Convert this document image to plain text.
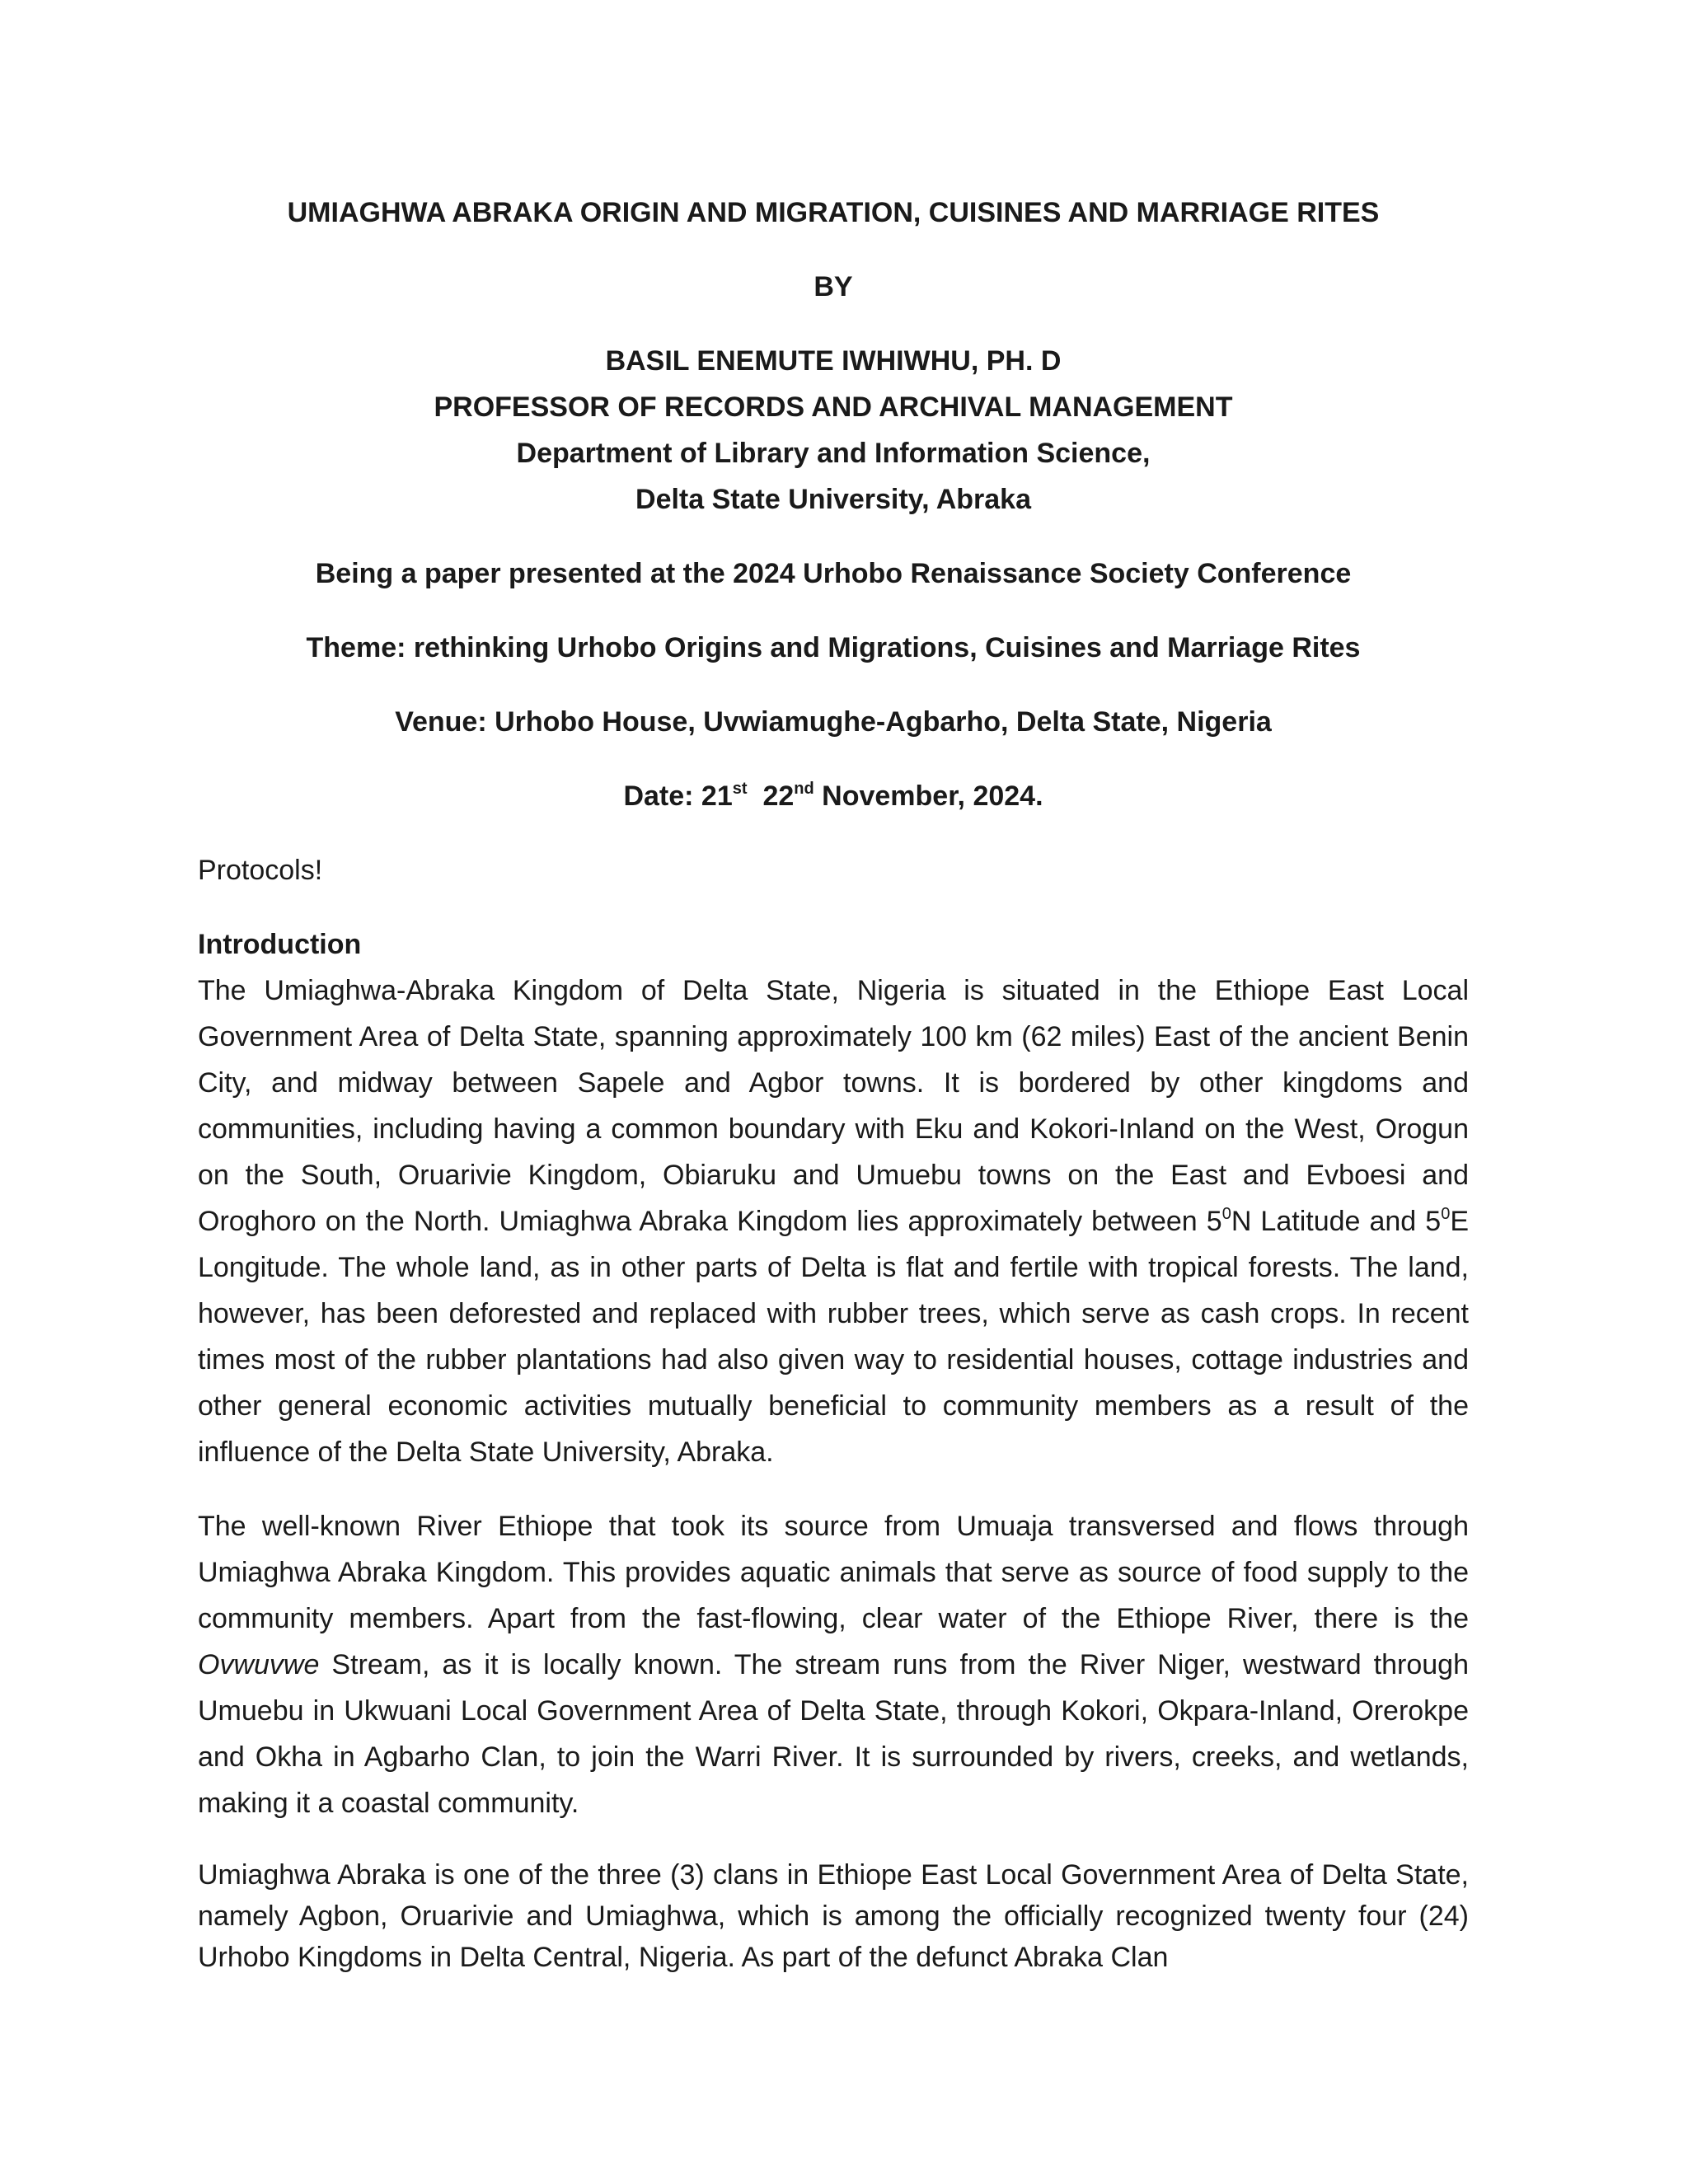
UMIAGHWA ABRAKA ORIGIN AND MIGRATION, CUISINES AND MARRIAGE RITES
BY
BASIL ENEMUTE IWHIWHU, PH. D
PROFESSOR OF RECORDS AND ARCHIVAL MANAGEMENT
Department of Library and Information Science,
Delta State University, Abraka
Being a paper presented at the 2024 Urhobo Renaissance Society Conference
Theme: rethinking Urhobo Origins and Migrations, Cuisines and Marriage Rites
Venue: Urhobo House, Uvwiamughe-Agbarho, Delta State, Nigeria
Date: 21st 22nd November, 2024.
Protocols!
Introduction

The Umiaghwa-Abraka Kingdom of Delta State, Nigeria is situated in the Ethiope East Local Government Area of Delta State, spanning approximately 100 km (62 miles) East of the ancient Benin City, and midway between Sapele and Agbor towns. It is bordered by other kingdoms and communities, including having a common boundary with Eku and Kokori-Inland on the West, Orogun on the South, Oruarivie Kingdom, Obiaruku and Umuebu towns on the East and Evboesi and Oroghoro on the North. Umiaghwa Abraka Kingdom lies approximately between $5^0N$ Latitude and $5^0E$ Longitude. The whole land, as in other parts of Delta is flat and fertile with tropical forests. The land, however, has been deforested and replaced with rubber trees, which serve as cash crops. In recent times most of the rubber plantations had also given way to residential houses, cottage industries and other general economic activities mutually beneficial to community members as a result of the influence of the Delta State University, Abraka.

The well-known River Ethiope that took its source from Umuaja transversed and flows through Umiaghwa Abraka Kingdom. This provides aquatic animals that serve as source of food supply to the community members. Apart from the fast-flowing, clear water of the Ethiope River, there is the Ovwuvwe Stream, as it is locally known. The stream runs from the River Niger, westward through Umuebu in Ukwuani Local Government Area of Delta State, through Kokori, Okpara-Inland, Orerokpe and Okha in Agbarho Clan, to join the Warri River. It is surrounded by rivers, creeks, and wetlands, making it a coastal community.

Umiaghwa Abraka is one of the three (3) clans in Ethiope East Local Government Area of Delta State, namely Agbon, Oruarivie and Umiaghwa, which is among the officially recognized twenty four (24) Urhobo Kingdoms in Delta Central, Nigeria. As part of the defunct Abraka Clan
